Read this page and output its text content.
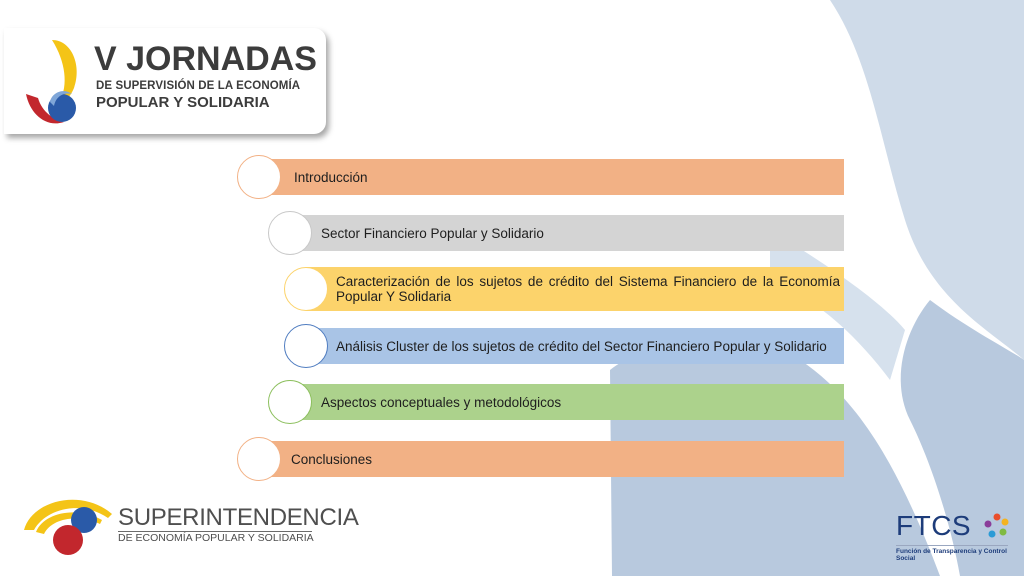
V JORNADAS
DE SUPERVISIÓN DE LA ECONOMÍA
POPULAR Y SOLIDARIA
Introducción
Sector Financiero Popular y Solidario
Caracterización de los sujetos de crédito del Sistema Financiero de la Economía Popular Y Solidaria
Análisis Cluster de los sujetos de crédito del Sector Financiero Popular y Solidario
Aspectos conceptuales y metodológicos
Conclusiones
SUPERINTENDENCIA
DE ECONOMÍA POPULAR Y SOLIDARIA	FTCS
Función de Transparencia y Control Social
